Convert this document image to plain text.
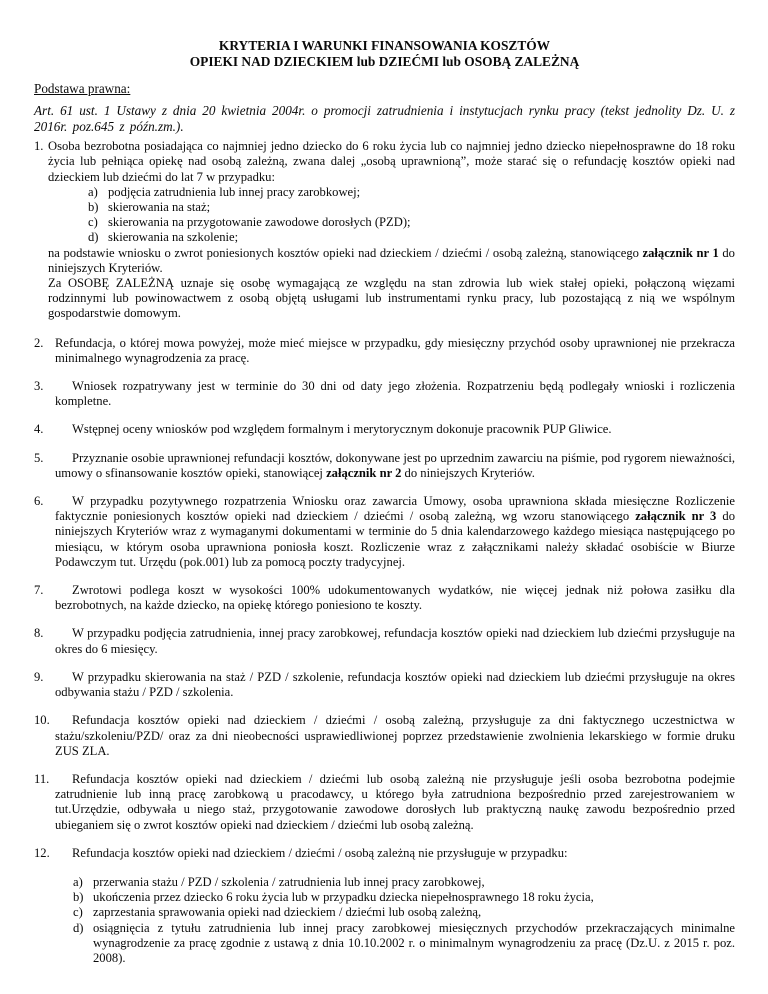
KRYTERIA I WARUNKI FINANSOWANIA KOSZTÓW
OPIEKI NAD DZIECKIEM lub DZIEĆMI lub OSOBĄ ZALEŻNĄ
Podstawa prawna:

Art. 61 ust. 1 Ustawy z dnia 20 kwietnia 2004r. o promocji zatrudnienia i instytucjach rynku pracy (tekst jednolity Dz. U. z 2016r. poz.645 z późn.zm.).

1. Osoba bezrobotna posiadająca co najmniej jedno dziecko do 6 roku życia lub co najmniej jedno dziecko niepełnosprawne do 18 roku życia lub pełniąca opiekę nad osobą zależną, zwana dalej „osobą uprawnioną”, może starać się o refundację kosztów opieki nad dzieckiem lub dziećmi do lat 7 w przypadku:

a) podjęcia zatrudnienia lub innej pracy zarobkowej;
b) skierowania na staż;
c) skierowania na przygotowanie zawodowe dorosłych (PZD);
d) skierowania na szkolenie;

na podstawie wniosku o zwrot poniesionych kosztów opieki nad dzieckiem / dziećmi / osobą zależną, stanowiącego załącznik nr 1 do niniejszych Kryteriów.

Za OSOBĘ ZALEŻNĄ uznaje się osobę wymagającą ze względu na stan zdrowia lub wiek stałej opieki, połączoną więzami rodzinnymi lub powinowactwem z osobą objętą usługami lub instrumentami rynku pracy, lub pozostającą z nią we wspólnym gospodarstwie domowym.

2. Refundacja, o której mowa powyżej, może mieć miejsce w przypadku, gdy miesięczny przychód osoby uprawnionej nie przekracza minimalnego wynagrodzenia za pracę.

3.	Wniosek rozpatrywany jest w terminie do 30 dni od daty jego złożenia. Rozpatrzeniu będą podlegały wnioski i rozliczenia kompletne.

4.	Wstępnej oceny wniosków pod względem formalnym i merytorycznym dokonuje pracownik PUP Gliwice.

5.	Przyznanie osobie uprawnionej refundacji kosztów, dokonywane jest po uprzednim zawarciu na piśmie, pod rygorem nieważności, umowy o sfinansowanie kosztów opieki, stanowiącej załącznik nr 2 do niniejszych Kryteriów.

6.	W przypadku pozytywnego rozpatrzenia Wniosku oraz zawarcia Umowy, osoba uprawniona składa miesięczne Rozliczenie faktycznie poniesionych kosztów opieki nad dzieckiem / dziećmi / osobą zależną, wg wzoru stanowiącego załącznik nr 3 do niniejszych Kryteriów wraz z wymaganymi dokumentami w terminie do 5 dnia kalendarzowego każdego miesiąca następującego po miesiącu, w którym osoba uprawniona poniosła koszt. Rozliczenie wraz z załącznikami należy składać osobiście w Biurze Podawczym tut. Urzędu (pok.001) lub za pomocą poczty tradycyjnej.

7.	Zwrotowi podlega koszt w wysokości 100% udokumentowanych wydatków, nie więcej jednak niż połowa zasiłku dla bezrobotnych, na każde dziecko, na opiekę którego poniesiono te koszty.

8.	W przypadku podjęcia zatrudnienia, innej pracy zarobkowej, refundacja kosztów opieki nad dzieckiem lub dziećmi przysługuje na okres do 6 miesięcy.

9.	W przypadku skierowania na staż / PZD / szkolenie, refundacja kosztów opieki nad dzieckiem lub dziećmi przysługuje na okres odbywania stażu / PZD / szkolenia.

10.	Refundacja kosztów opieki nad dzieckiem / dziećmi / osobą zależną, przysługuje za dni faktycznego uczestnictwa w stażu/szkoleniu/PZD/ oraz za dni nieobecności usprawiedliwionej poprzez przedstawienie zwolnienia lekarskiego w formie druku ZUS ZLA.

11.	Refundacja kosztów opieki nad dzieckiem / dziećmi lub osobą zależną nie przysługuje jeśli osoba bezrobotna podejmie zatrudnienie lub inną pracę zarobkową u pracodawcy, u którego była zatrudniona bezpośrednio przed zarejestrowaniem w tut.Urzędzie, odbywała u niego staż, przygotowanie zawodowe dorosłych lub praktyczną naukę zawodu bezpośrednio przed ubieganiem się o zwrot kosztów opieki nad dzieckiem / dziećmi lub osobą zależną.

12.	Refundacja kosztów opieki nad dzieckiem / dziećmi / osobą zależną nie przysługuje w przypadku:

a) przerwania stażu / PZD / szkolenia / zatrudnienia lub innej pracy zarobkowej,
b) ukończenia przez dziecko 6 roku życia lub w przypadku dziecka niepełnosprawnego 18 roku życia,
c) zaprzestania sprawowania opieki nad dzieckiem / dziećmi lub osobą zależną,
d) osiągnięcia z tytułu zatrudnienia lub innej pracy zarobkowej miesięcznych przychodów przekraczających minimalne wynagrodzenie za pracę zgodnie z ustawą z dnia 10.10.2002 r. o minimalnym wynagrodzeniu za pracę (Dz.U. z 2015 r. poz. 2008).
